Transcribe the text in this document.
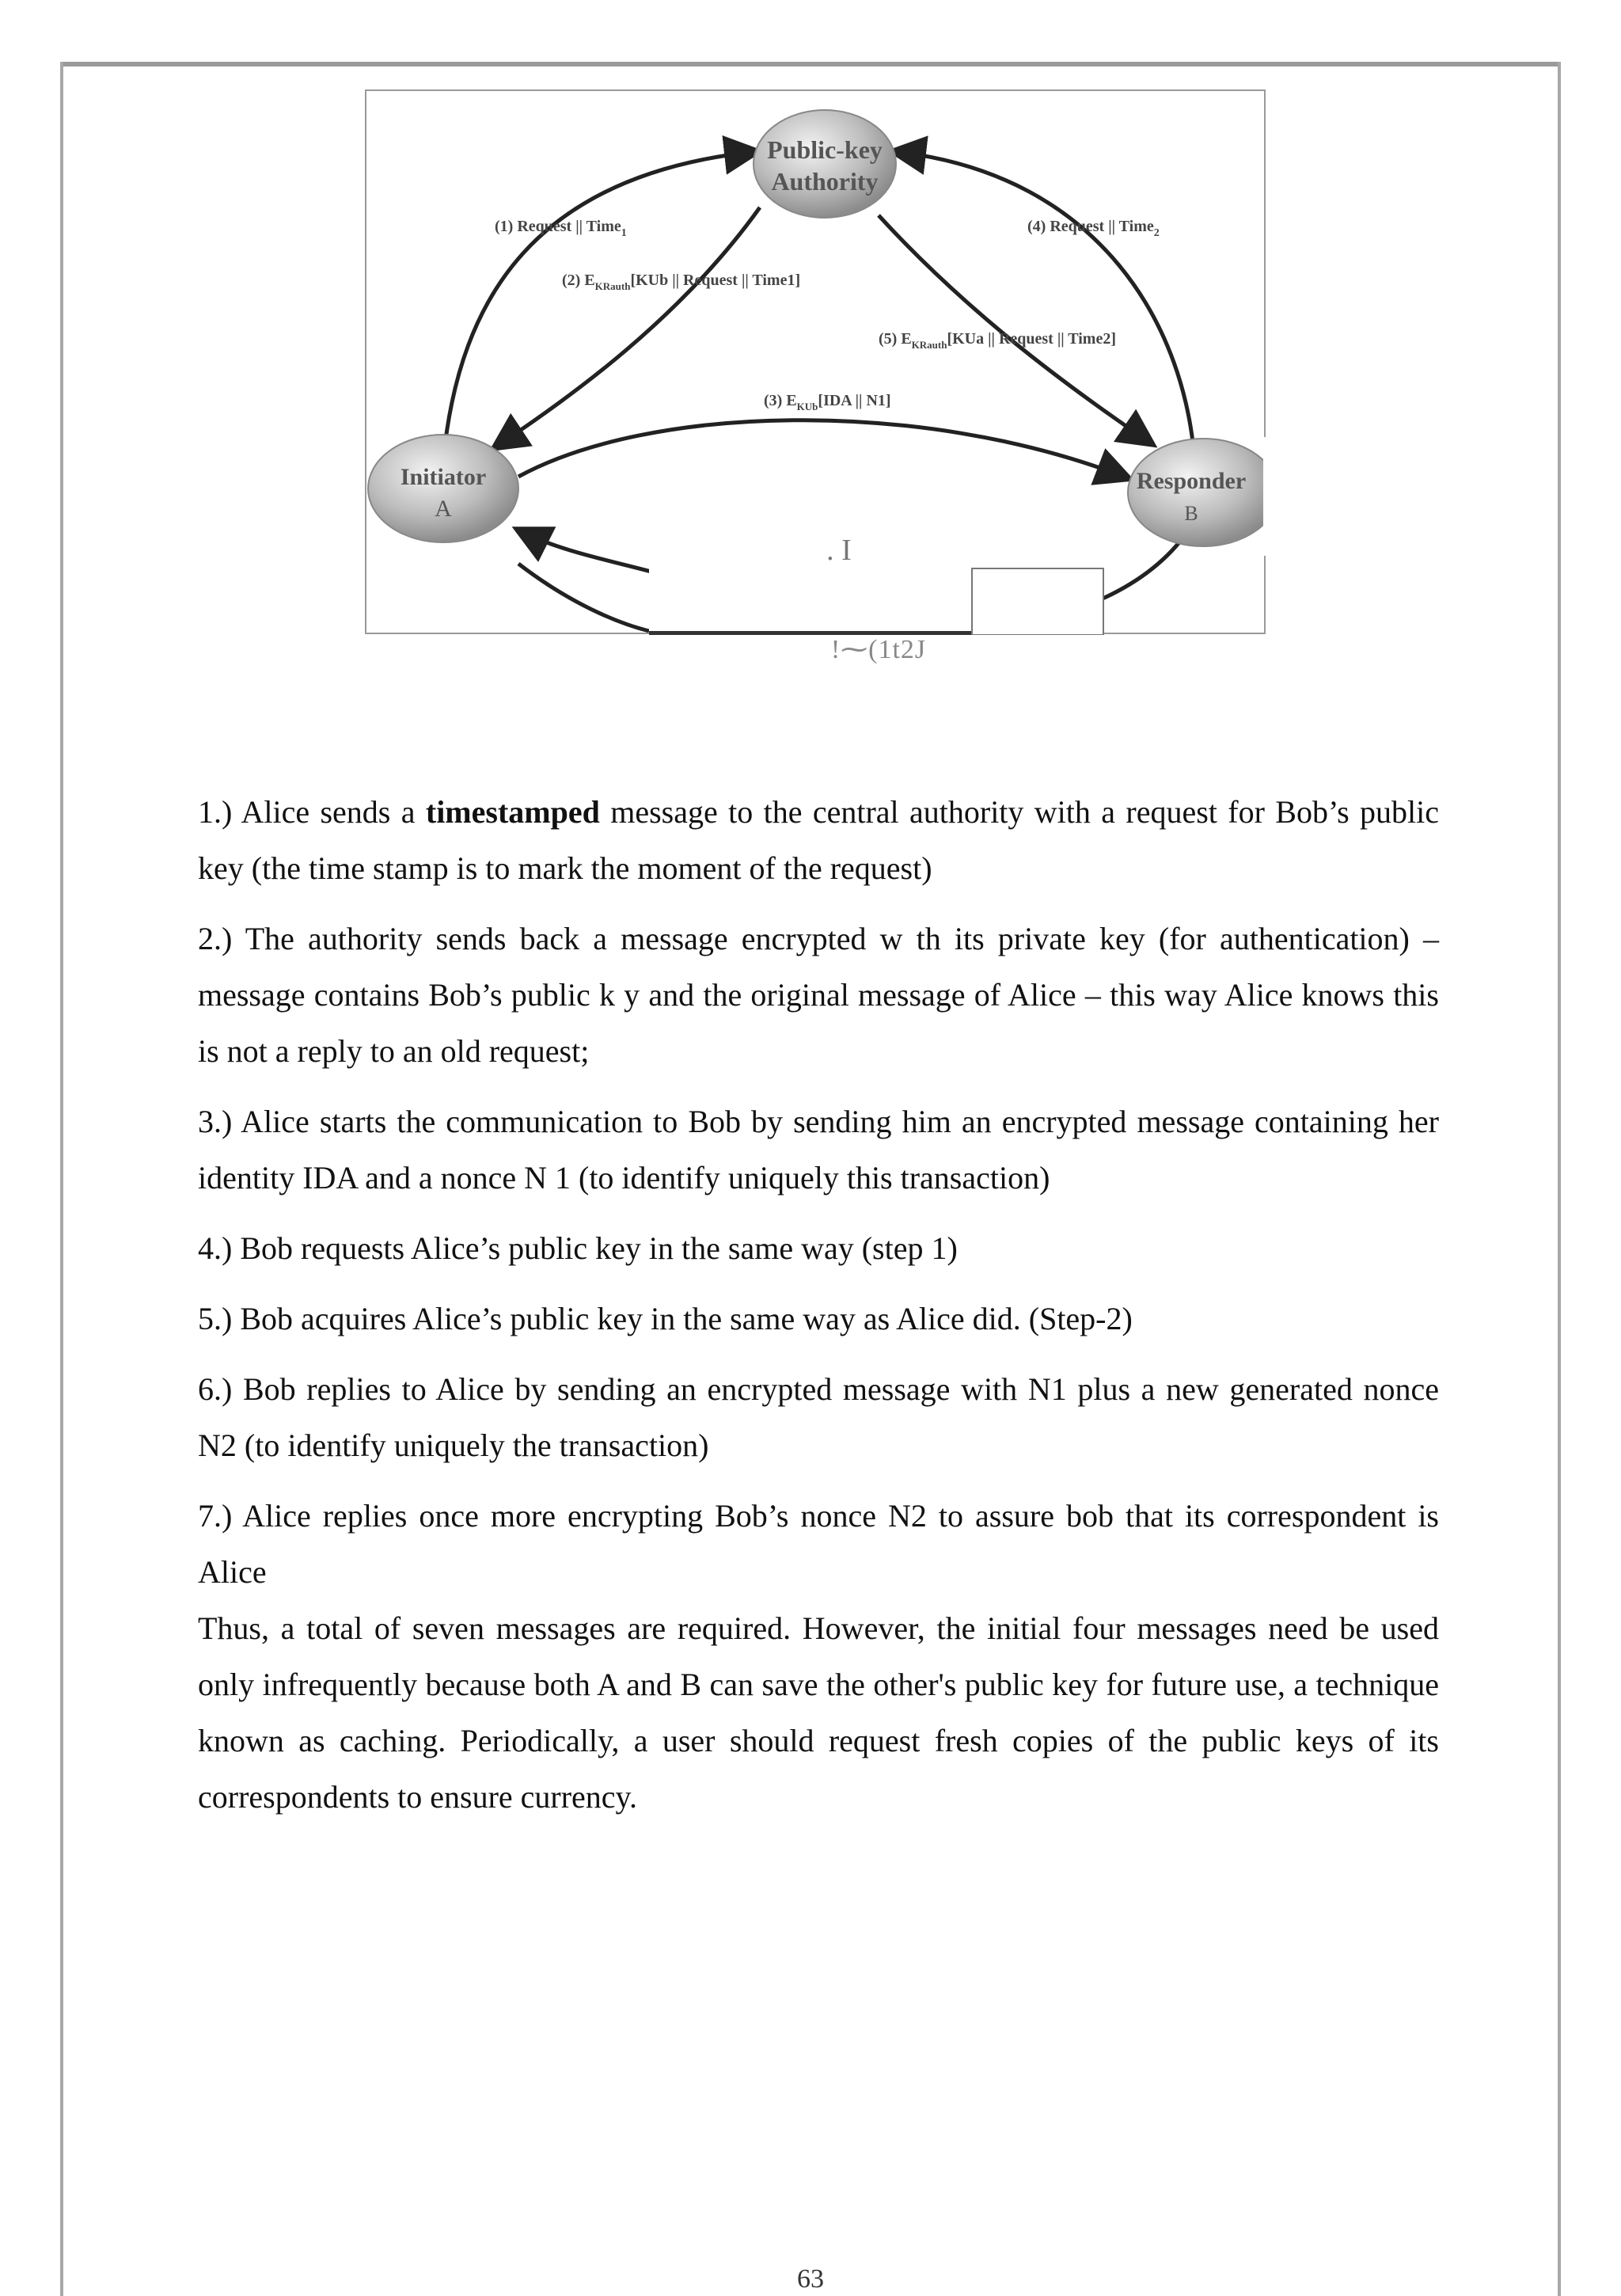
Public-key
Authority
Initiator
A
Responder
B
(1) Request || Time$_1$
(2) $E_{KRauth}[KUb$ || Request || Time1]
(3) $E_{KUb}[IDA$ || N1]
(4) Request || Time$_2$
(5) $E_{KRauth}[KUa$ || Request || Time2]
. I
!⁓(1t2J

1.) Alice sends a timestamped message to the central authority with a request for Bob’s public key (the time stamp is to mark the moment of the request)

2.) The authority sends back a message encrypted w th its private key (for authentication) – message contains Bob’s public k y and the original message of Alice – this way Alice knows this is not a reply to an old request;

3.) Alice starts the communication to Bob by sending him an encrypted message containing her identity IDA and a nonce N 1 (to identify uniquely this transaction)

4.) Bob requests Alice’s public key in the same way (step 1)

5.) Bob acquires Alice’s public key in the same way as Alice did. (Step-2)

6.) Bob replies to Alice by sending an encrypted message with N1 plus a new generated nonce N2 (to identify uniquely the transaction)

7.) Alice replies once more encrypting Bob’s nonce N2 to assure bob that its correspondent is Alice

Thus, a total of seven messages are required. However, the initial four messages need be used only infrequently because both A and B can save the other's public key for future use, a technique known as caching. Periodically, a user should request fresh copies of the public keys of its correspondents to ensure currency.

63
